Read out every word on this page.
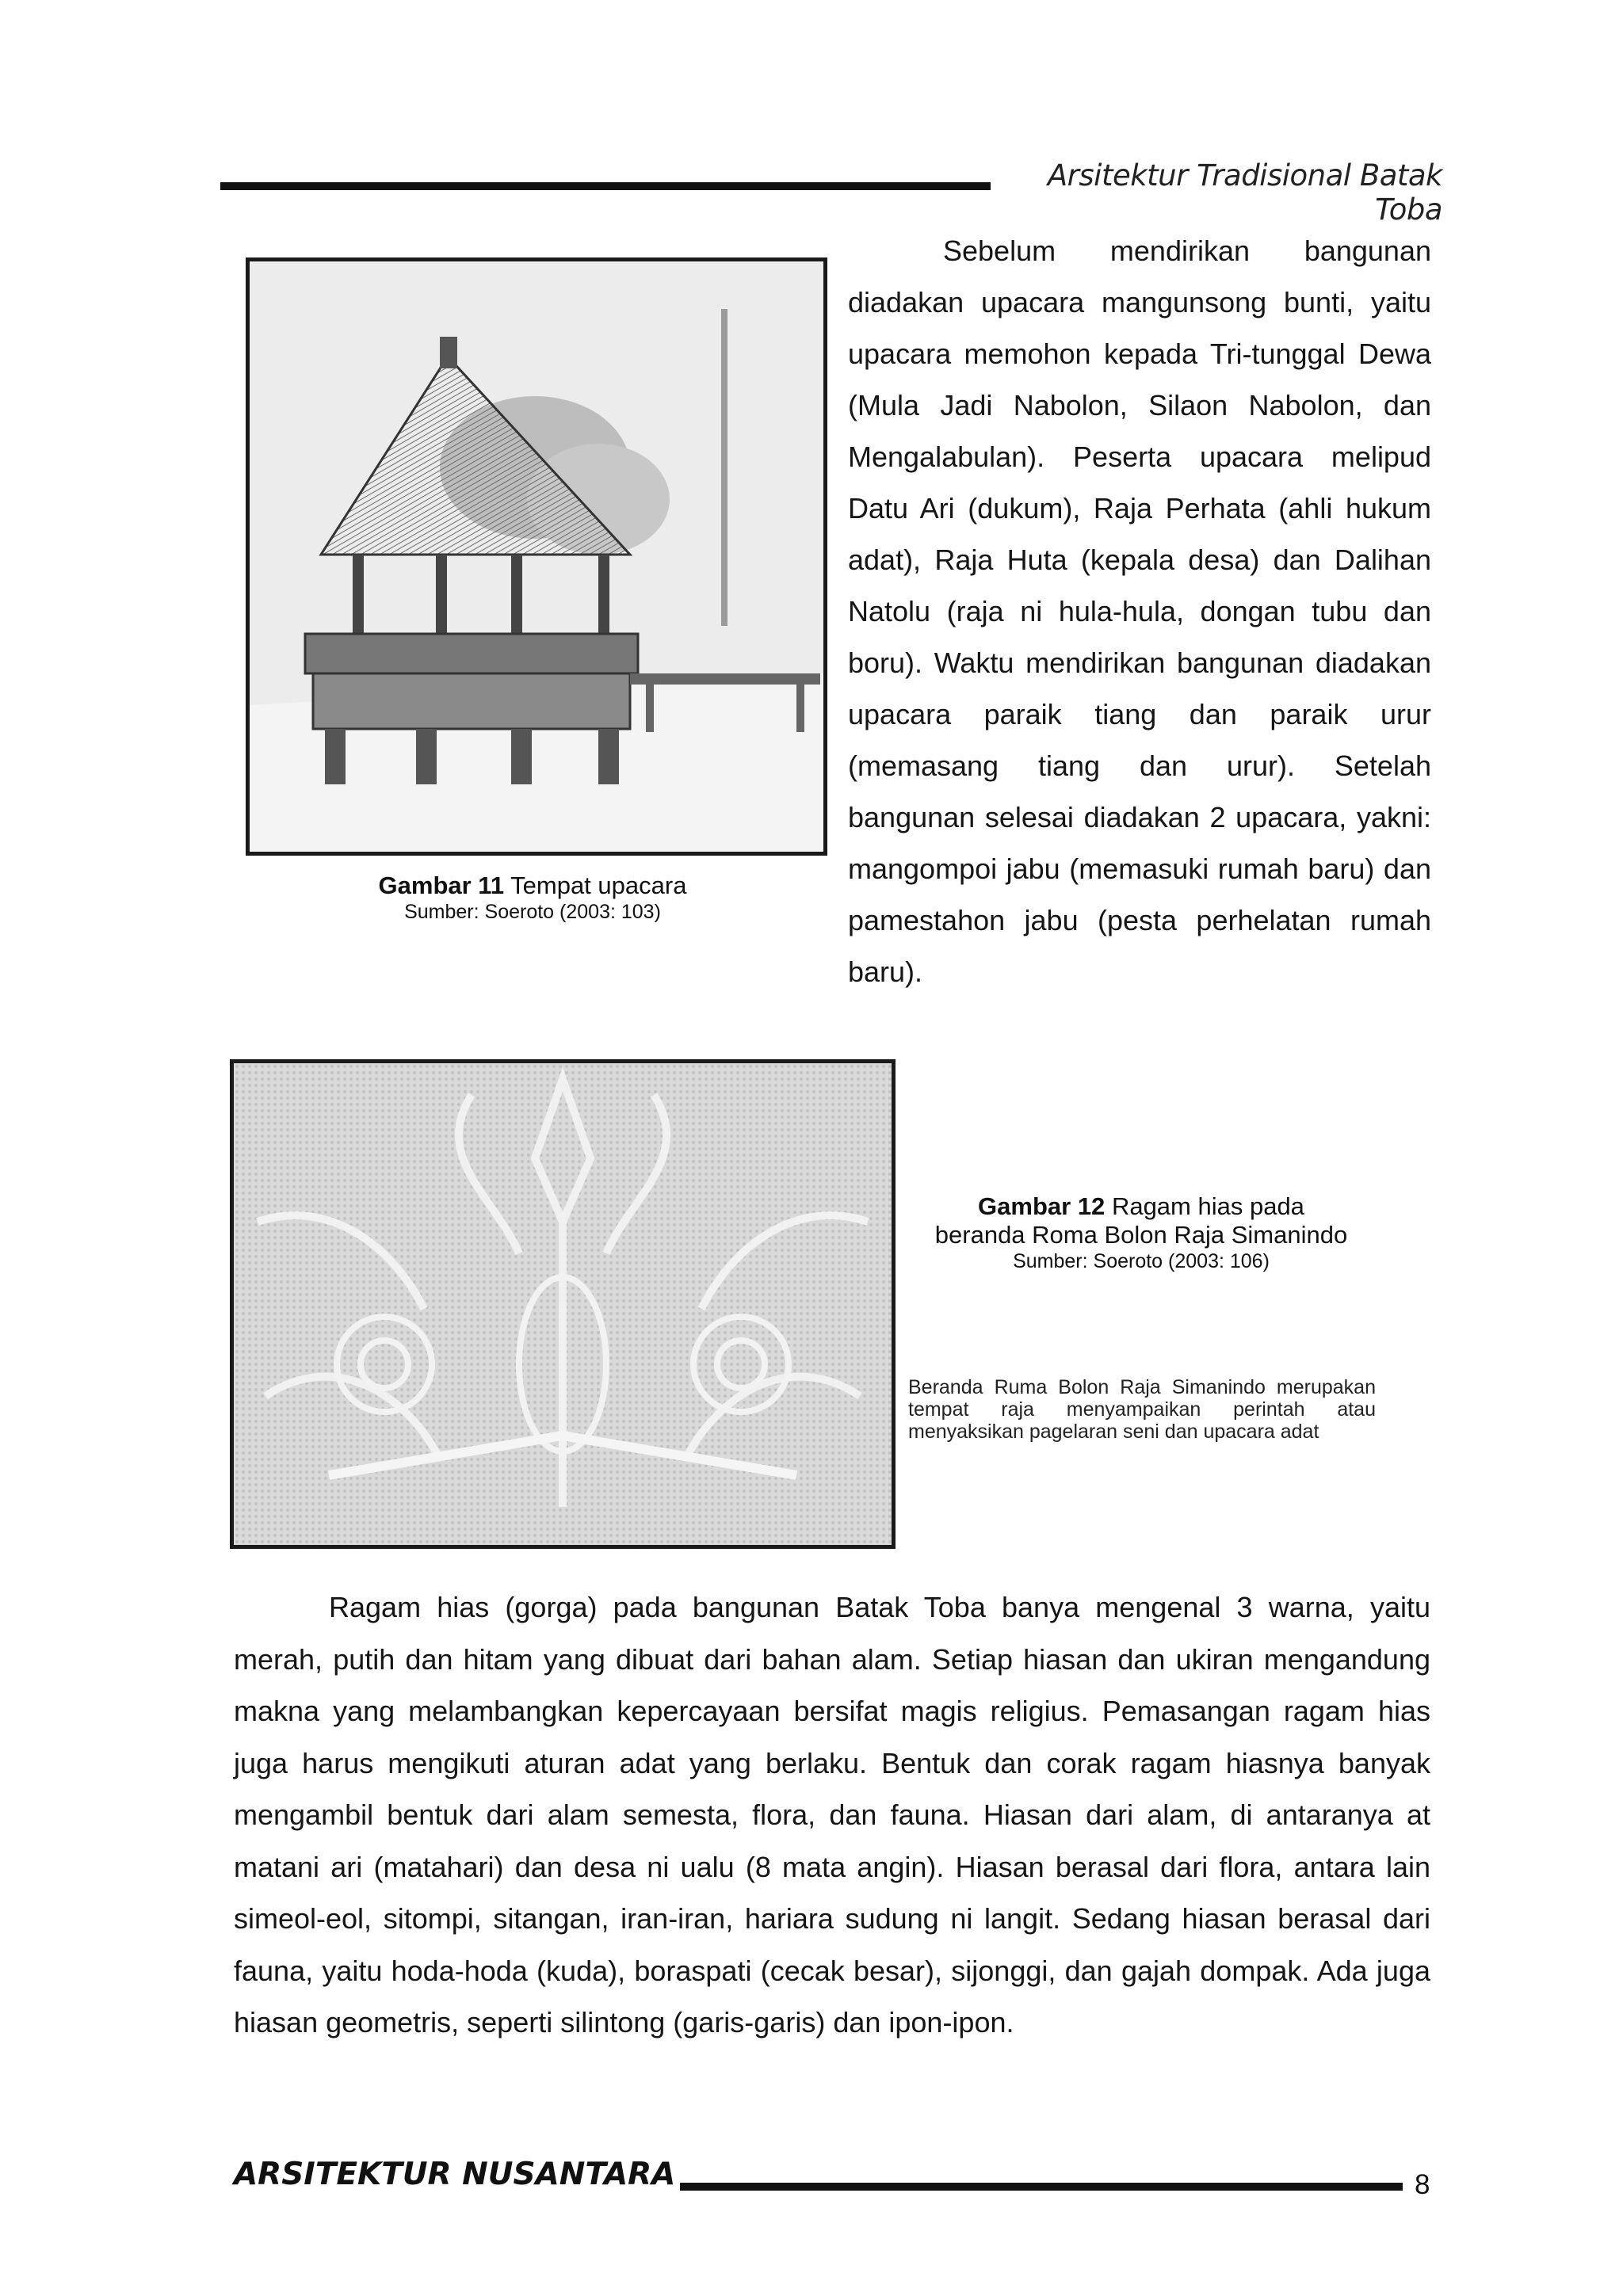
Arsitektur Tradisional Batak Toba
Gambar 11 Tempat upacara
Sumber: Soeroto (2003: 103)

Sebelum mendirikan bangunan diadakan upacara mangunsong bunti, yaitu upacara memohon kepada Tri-tunggal Dewa (Mula Jadi Nabolon, Silaon Nabolon, dan Mengalabulan). Peserta upacara melipud Datu Ari (dukum), Raja Perhata (ahli hukum adat), Raja Huta (kepala desa) dan Dalihan Natolu (raja ni hula-hula, dongan tubu dan boru). Waktu mendirikan bangunan diadakan upacara paraik tiang dan paraik urur (memasang tiang dan urur). Setelah bangunan selesai diadakan 2 upacara, yakni: mangompoi jabu (memasuki rumah baru) dan pamestahon jabu (pesta perhelatan rumah baru).

Gambar 12 Ragam hias pada
beranda Roma Bolon Raja Simanindo
Sumber: Soeroto (2003: 106)
Beranda Ruma Bolon Raja Simanindo merupakan tempat raja menyampaikan perintah atau menyaksikan pagelaran seni dan upacara adat

Ragam hias (gorga) pada bangunan Batak Toba banya mengenal 3 warna, yaitu merah, putih dan hitam yang dibuat dari bahan alam. Setiap hiasan dan ukiran mengandung makna yang melambangkan kepercayaan bersifat magis religius. Pemasangan ragam hias juga harus mengikuti aturan adat yang berlaku. Bentuk dan corak ragam hiasnya banyak mengambil bentuk dari alam semesta, flora, dan fauna. Hiasan dari alam, di antaranya at matani ari (matahari) dan desa ni ualu (8 mata angin). Hiasan berasal dari flora, antara lain simeol-eol, sitompi, sitangan, iran-iran, hariara sudung ni langit. Sedang hiasan berasal dari fauna, yaitu hoda-hoda (kuda), boraspati (cecak besar), sijonggi, dan gajah dompak. Ada juga hiasan geometris, seperti silintong (garis-garis) dan ipon-ipon.

ARSITEKTUR NUSANTARA	8
